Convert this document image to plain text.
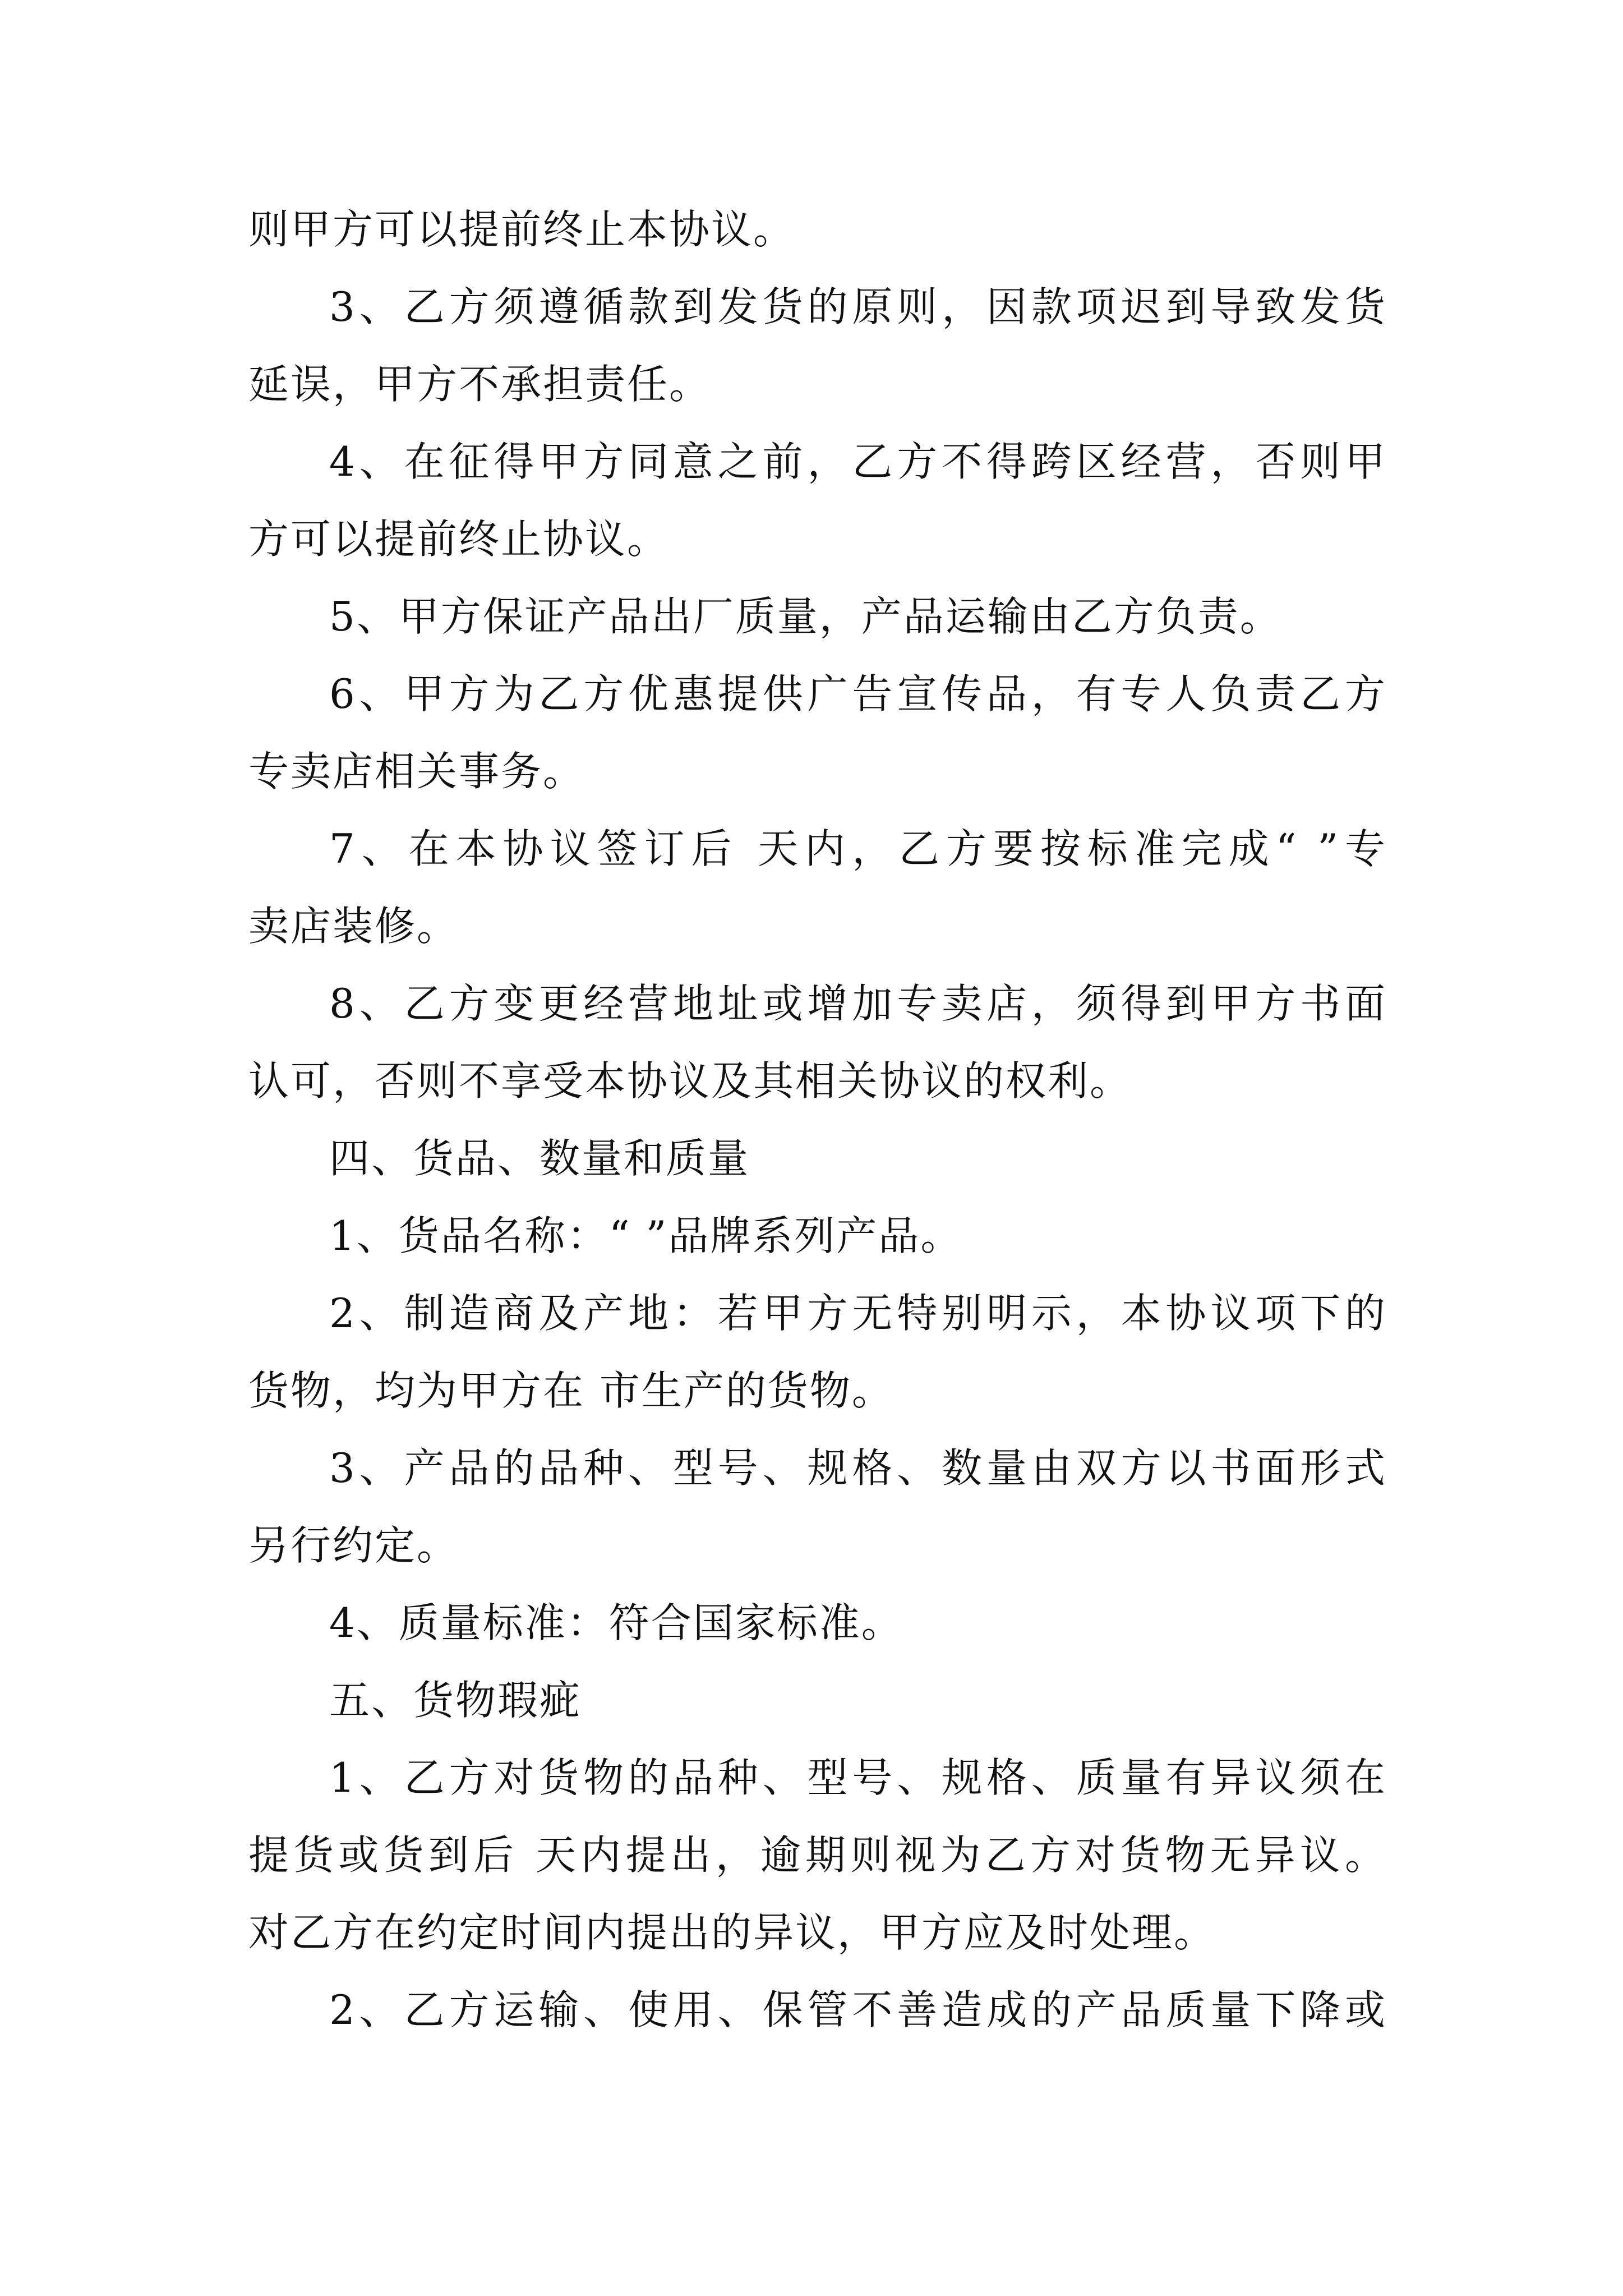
则甲方可以提前终止本协议。
3、乙方须遵循款到发货的原则，因款项迟到导致发货
延误，甲方不承担责任。
4、在征得甲方同意之前，乙方不得跨区经营，否则甲
方可以提前终止协议。
5、甲方保证产品出厂质量，产品运输由乙方负责。
6、甲方为乙方优惠提供广告宣传品，有专人负责乙方
专卖店相关事务。
7、在本协议签订后 天内，乙方要按标准完成“ ”专
卖店装修。
8、乙方变更经营地址或增加专卖店，须得到甲方书面
认可，否则不享受本协议及其相关协议的权利。
四、货品、数量和质量
1、货品名称：“ ”品牌系列产品。
2、制造商及产地：若甲方无特别明示，本协议项下的
货物，均为甲方在 市生产的货物。
3、产品的品种、型号、规格、数量由双方以书面形式
另行约定。
4、质量标准：符合国家标准。
五、货物瑕疵
1、乙方对货物的品种、型号、规格、质量有异议须在
提货或货到后 天内提出，逾期则视为乙方对货物无异议。
对乙方在约定时间内提出的异议，甲方应及时处理。
2、乙方运输、使用、保管不善造成的产品质量下降或
